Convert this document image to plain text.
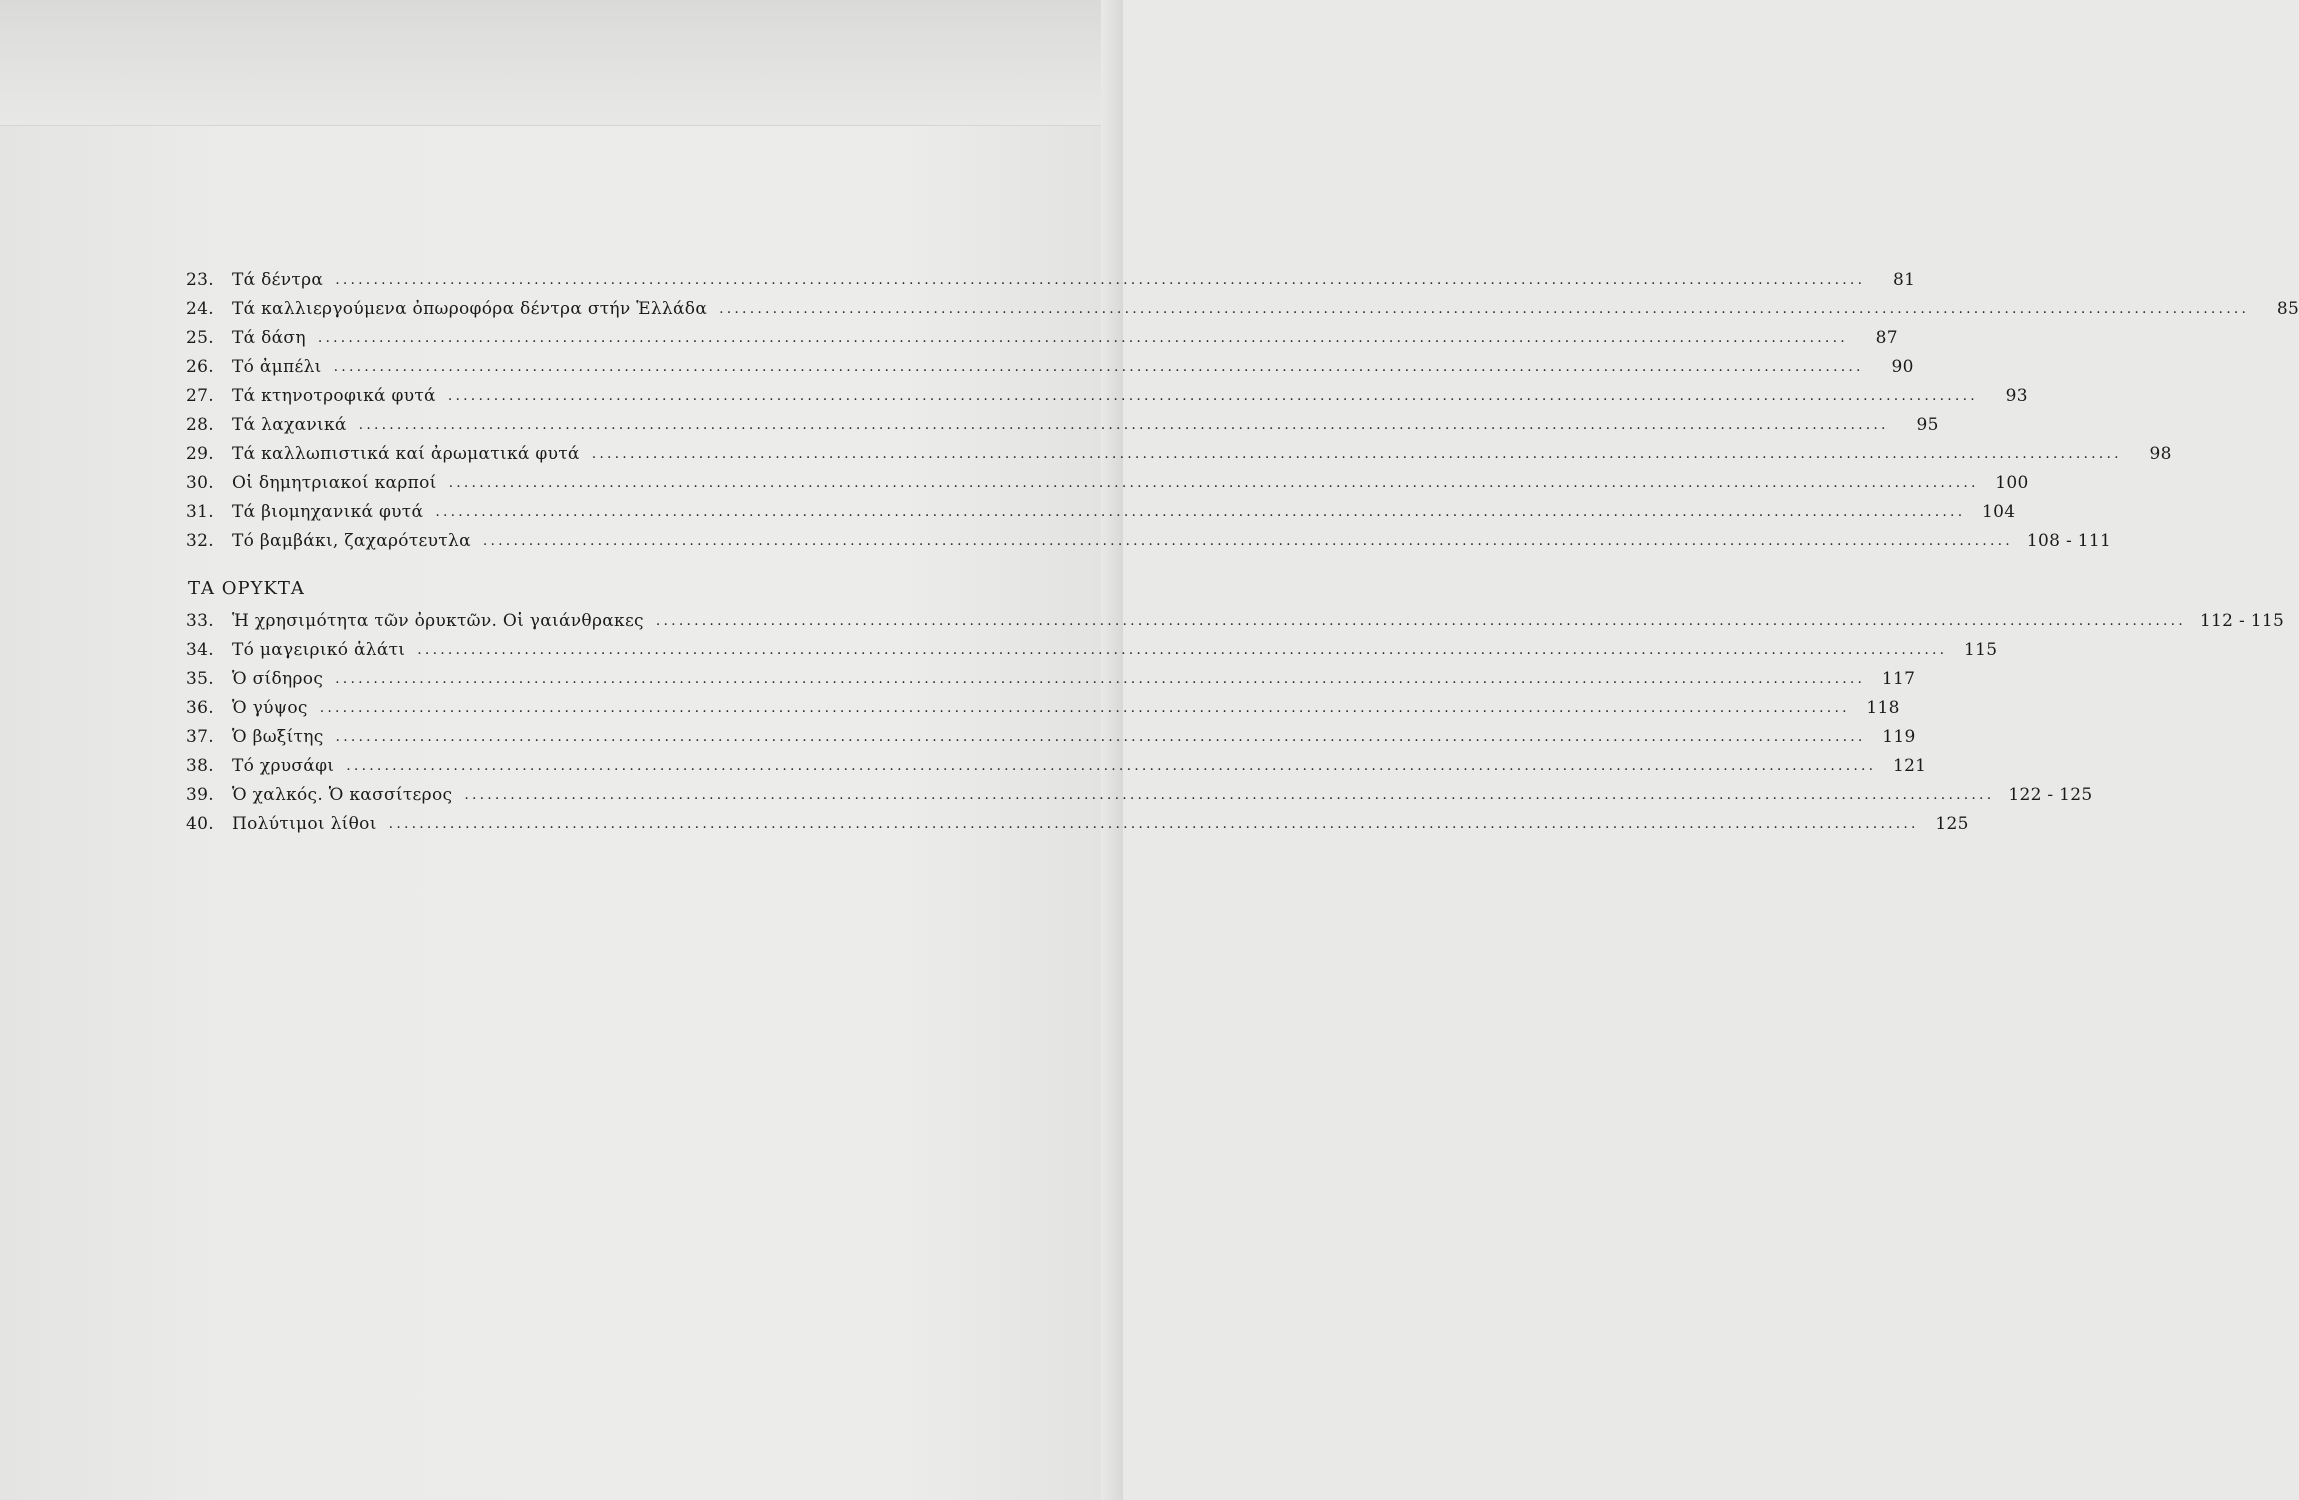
23.	Τά δέντρα ........................................................................................................................................................................................................	81
24.	Τά καλλιεργούμενα ὀπωροφόρα δέντρα στήν Ἑλλάδα ........................................................................................................................................................................................................	85
25.	Τά δάση ........................................................................................................................................................................................................	87
26.	Τό ἀμπέλι ........................................................................................................................................................................................................	90
27.	Τά κτηνοτροφικά φυτά ........................................................................................................................................................................................................	93
28.	Τά λαχανικά ........................................................................................................................................................................................................	95
29.	Τά καλλωπιστικά καί ἀρωματικά φυτά ........................................................................................................................................................................................................	98
30.	Οἱ δημητριακοί καρποί ........................................................................................................................................................................................................ 100
31.	Τά βιομηχανικά φυτά ........................................................................................................................................................................................................ 104
32.	Τό βαμβάκι, ζαχαρότευτλα ........................................................................................................................................................................................................ 108 - 111
ΤΑ ΟΡΥΚΤΑ
33.	Ἡ χρησιμότητα τῶν ὀρυκτῶν. Οἱ γαιάνθρακες ........................................................................................................................................................................................................ 112 - 115
34.	Τό μαγειρικό ἁλάτι ........................................................................................................................................................................................................ 115
35.	Ὁ σίδηρος ........................................................................................................................................................................................................ 117
36.	Ὁ γύψος ........................................................................................................................................................................................................ 118
37.	Ὁ βωξίτης ........................................................................................................................................................................................................ 119
38.	Τό χρυσάφι ........................................................................................................................................................................................................ 121
39.	Ὁ χαλκός. Ὁ κασσίτερος ........................................................................................................................................................................................................ 122 - 125
40.	Πολύτιμοι λίθοι ........................................................................................................................................................................................................ 125
